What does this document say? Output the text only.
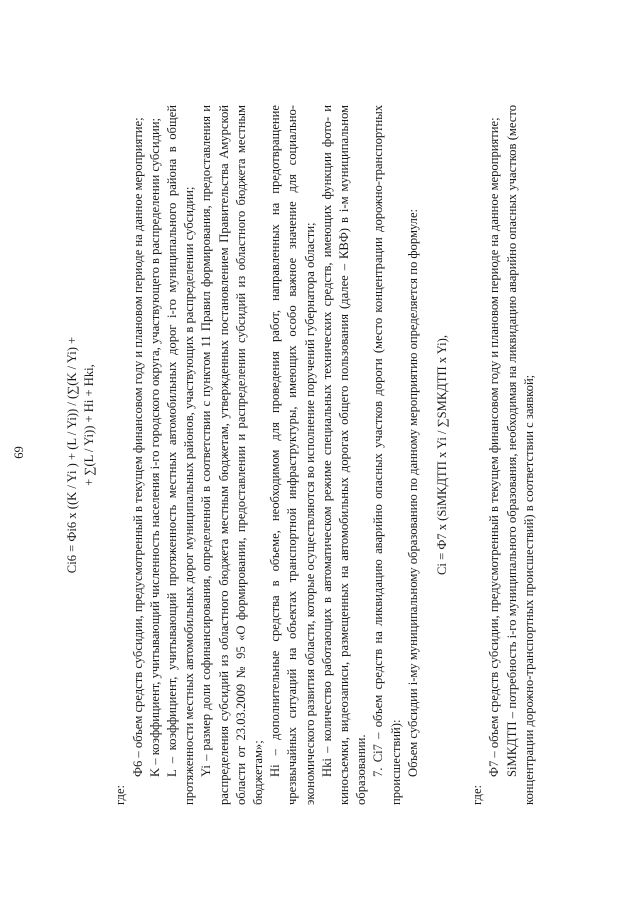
69	Ci6 = Фi6 x ((K / Yi ) + (L / Yi)) / (∑(K / Yi) + + ∑(L / Yi)) + Hi + Hki,

где:

Ф6 – объем средств субсидии, предусмотренный в текущем финансовом году и плановом периоде на данное мероприятие; K – коэффициент, учитывающий численность населения i-го городского округа, участвующего в распределении субсидии; L – коэффициент, учитывающий протяженность местных автомобильных дорог i-го муниципального района в общей протяженности местных автомобильных дорог муниципальных районов, участвующих в распределении субсидии; Yi – размер доли софинансирования, определенной в соответствии с пунктом 11 Правил формирования, предоставления и распределения субсидий из областного бюджета местным бюджетам, утвержденных постановлением Правительства Амурской области от 23.03.2009 № 95 «О формировании, предоставлении и распределении субсидий из областного бюджета местным бюджетам»; Hi – дополнительные средства в объеме, необходимом для проведения работ, направленных на предотвращение чрезвычайных ситуаций на объектах транспортной инфраструктуры, имеющих особо важное значение для социально-экономического развития области, которые осуществляются во исполнение поручений губернатора области; Hki – количество работающих в автоматическом режиме специальных технических средств, имеющих функции фото- и киносъемки, видеозаписи, размещенных на автомобильных дорогах общего пользования (далее – КВФ) в i-м муниципальном образовании. 7. Ci7 – объем средств на ликвидацию аварийно опасных участков дороги (место концентрации дорожно-транспортных происшествий): Объем субсидии i-му муниципальному образованию по данному мероприятию определяется по формуле: Ci = Ф7 x (SiМКДТП x Yi / ∑SМКДТП x Yi),

где:

Ф7 – объем средств субсидии, предусмотренный в текущем финансовом году и плановом периоде на данное мероприятие; SiМКДТП – потребность i-го муниципального образования, необходимая на ликвидацию аварийно опасных участков (место концентрации дорожно-транспортных происшествий) в соответствии с заявкой;
